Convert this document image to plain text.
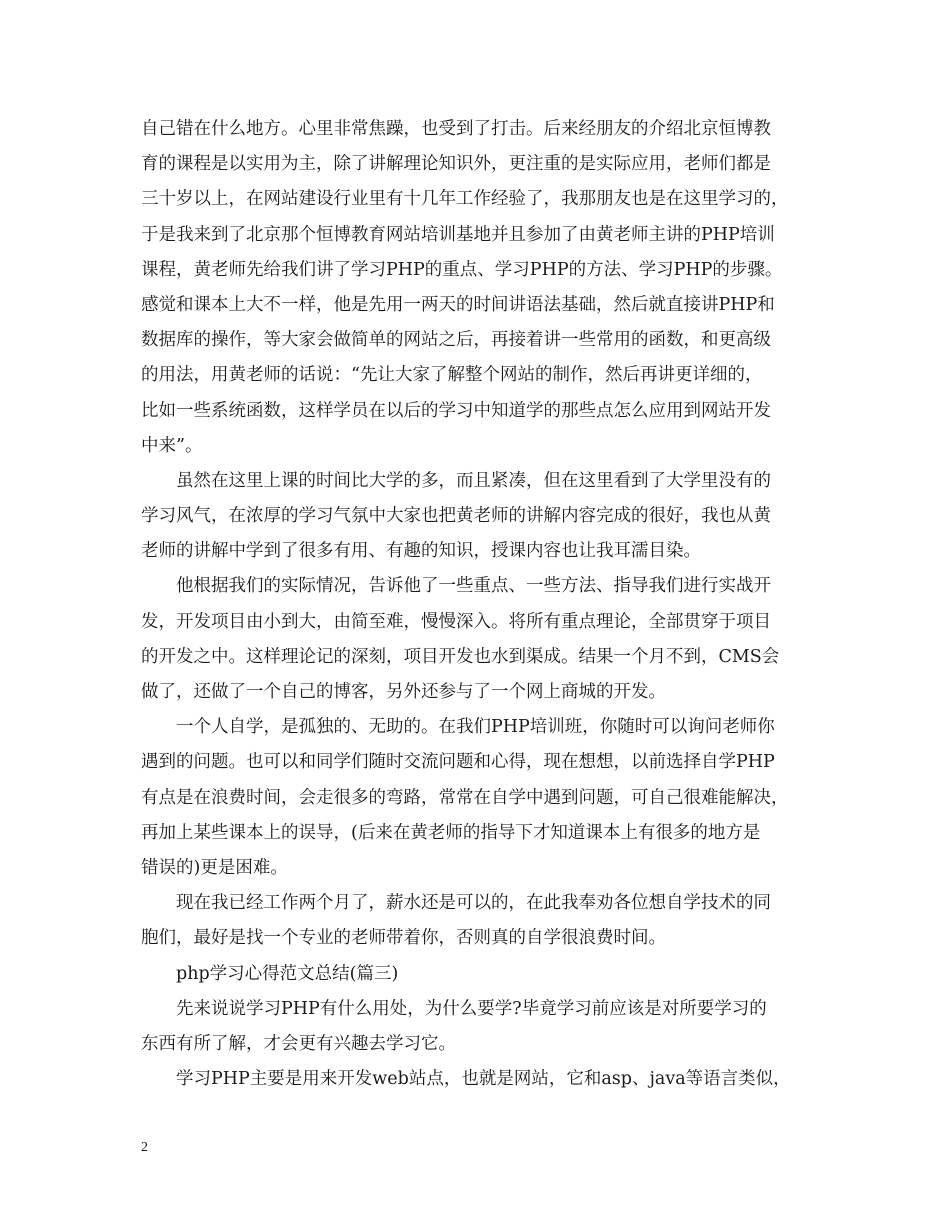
自己错在什么地方。心里非常焦躁，也受到了打击。后来经朋友的介绍北京恒博教
育的课程是以实用为主，除了讲解理论知识外，更注重的是实际应用，老师们都是
三十岁以上，在网站建设行业里有十几年工作经验了，我那朋友也是在这里学习的，
于是我来到了北京那个恒博教育网站培训基地并且参加了由黄老师主讲的PHP培训
课程，黄老师先给我们讲了学习PHP的重点、学习PHP的方法、学习PHP的步骤。
感觉和课本上大不一样，他是先用一两天的时间讲语法基础，然后就直接讲PHP和
数据库的操作，等大家会做简单的网站之后，再接着讲一些常用的函数，和更高级
的用法，用黄老师的话说：“先让大家了解整个网站的制作，然后再讲更详细的，
比如一些系统函数，这样学员在以后的学习中知道学的那些点怎么应用到网站开发
中来”。
虽然在这里上课的时间比大学的多，而且紧凑，但在这里看到了大学里没有的
学习风气，在浓厚的学习气氛中大家也把黄老师的讲解内容完成的很好，我也从黄
老师的讲解中学到了很多有用、有趣的知识，授课内容也让我耳濡目染。
他根据我们的实际情况，告诉他了一些重点、一些方法、指导我们进行实战开
发，开发项目由小到大，由简至难，慢慢深入。将所有重点理论，全部贯穿于项目
的开发之中。这样理论记的深刻，项目开发也水到渠成。结果一个月不到，CMS会
做了，还做了一个自己的博客，另外还参与了一个网上商城的开发。
一个人自学，是孤独的、无助的。在我们PHP培训班，你随时可以询问老师你
遇到的问题。也可以和同学们随时交流问题和心得，现在想想，以前选择自学PHP
有点是在浪费时间，会走很多的弯路，常常在自学中遇到问题，可自己很难能解决，
再加上某些课本上的误导，(后来在黄老师的指导下才知道课本上有很多的地方是
错误的)更是困难。
现在我已经工作两个月了，薪水还是可以的，在此我奉劝各位想自学技术的同
胞们，最好是找一个专业的老师带着你，否则真的自学很浪费时间。
php学习心得范文总结(篇三)
先来说说学习PHP有什么用处，为什么要学?毕竟学习前应该是对所要学习的
东西有所了解，才会更有兴趣去学习它。
学习PHP主要是用来开发web站点，也就是网站，它和asp、java等语言类似，
2
